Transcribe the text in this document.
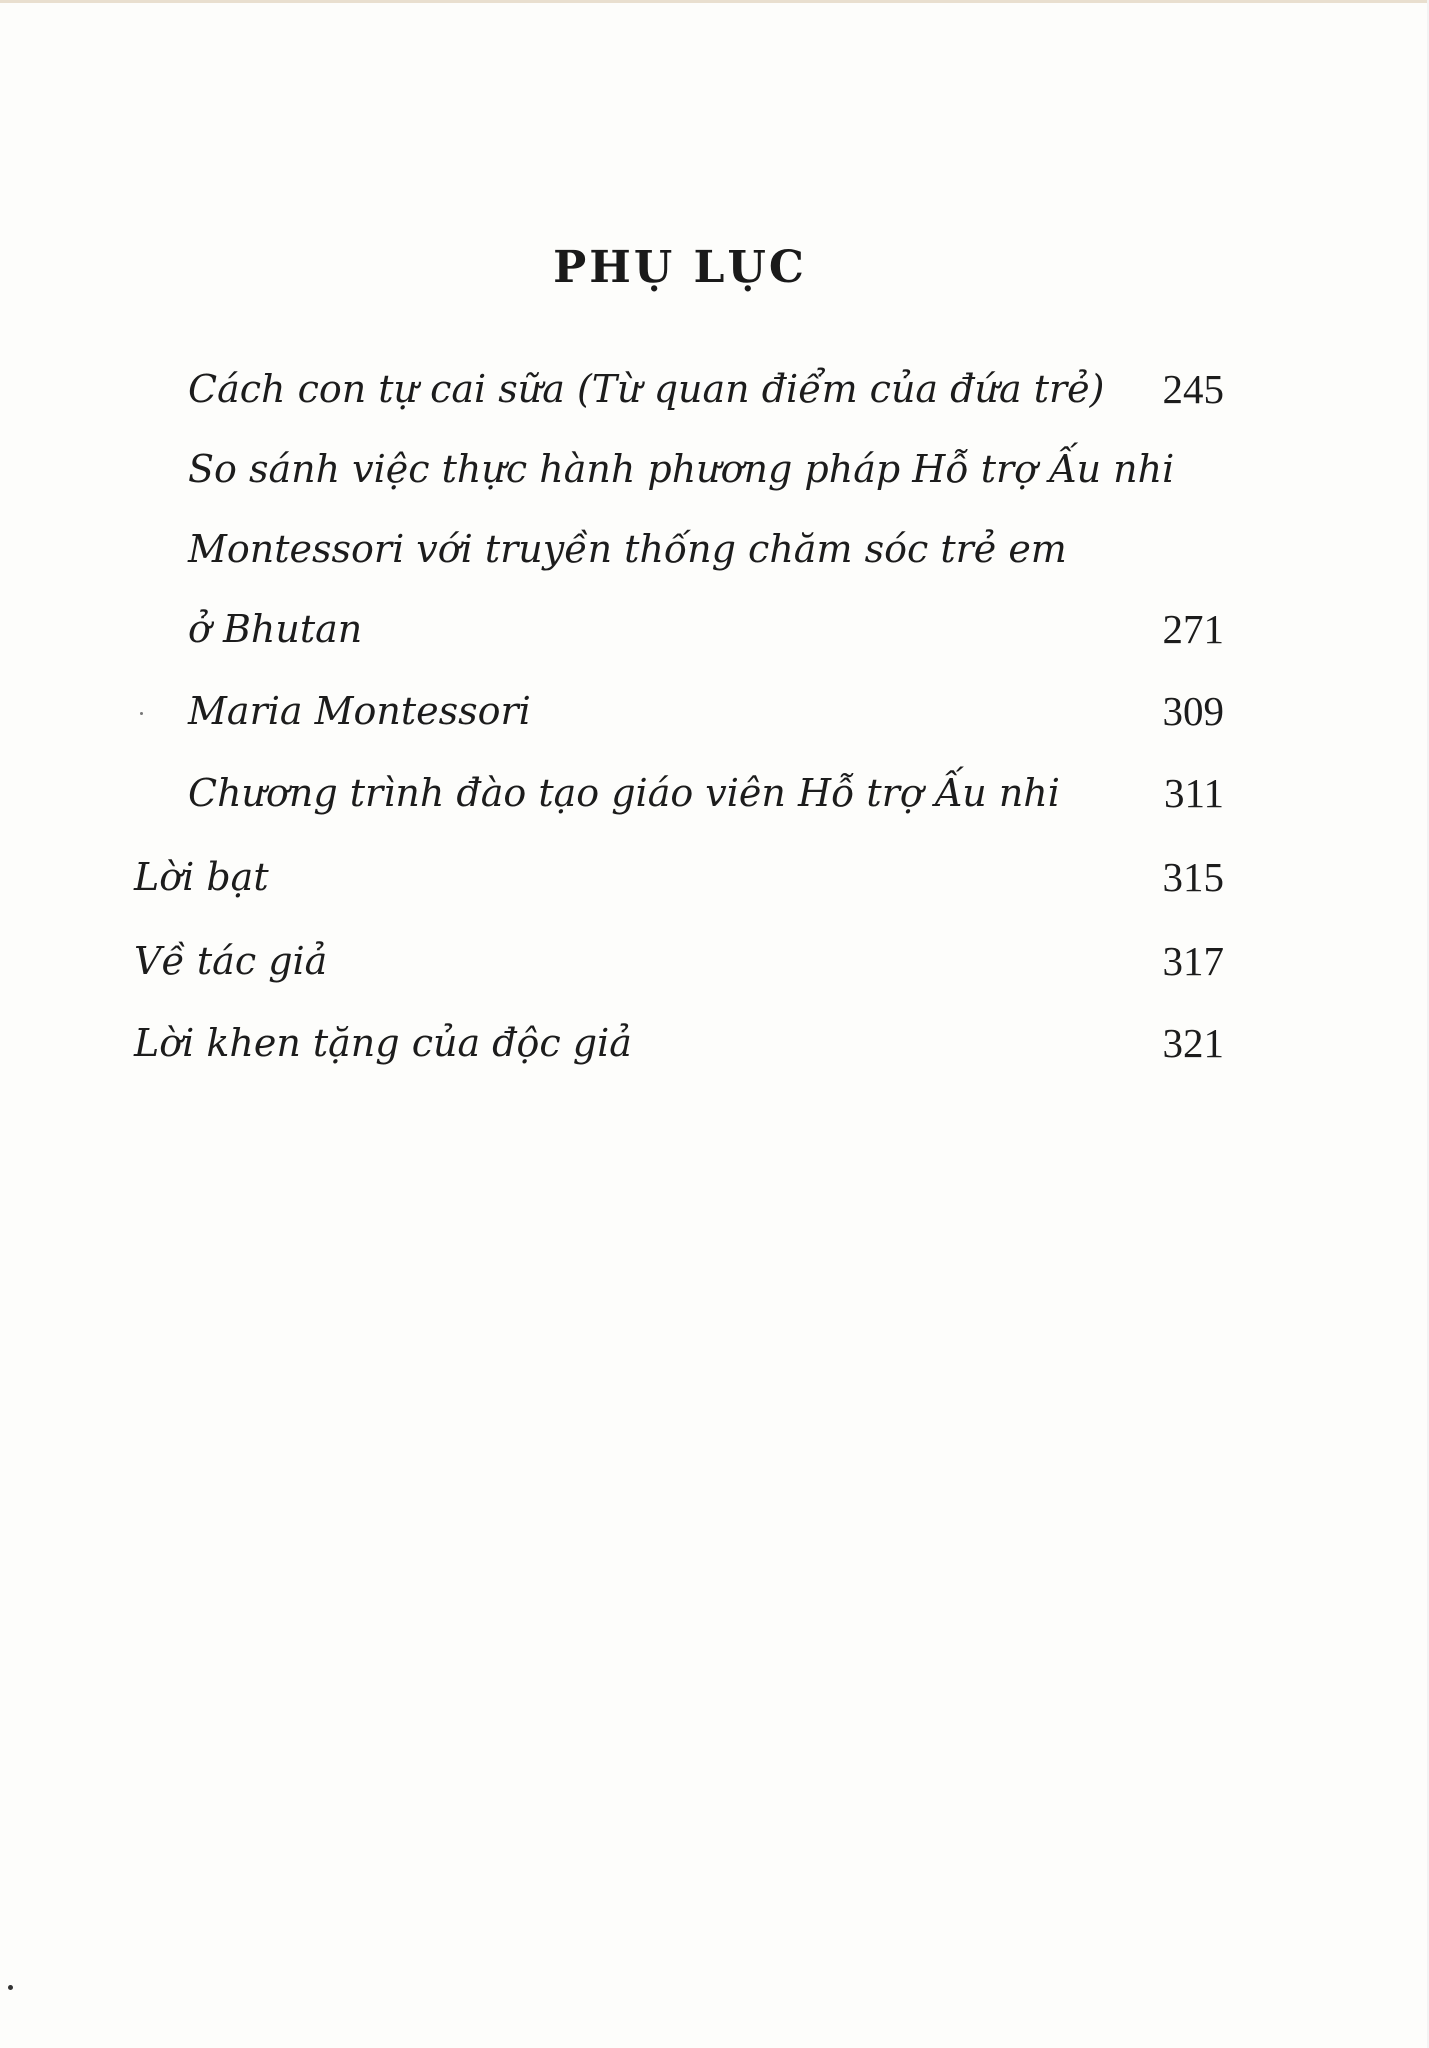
PHỤ LỤC
Cách con tự cai sữa (Từ quan điểm của đứa trẻ) 245
So sánh việc thực hành phương pháp Hỗ trợ Ấu nhi
Montessori với truyền thống chăm sóc trẻ em
ở Bhutan	271
Maria Montessori	309
Chương trình đào tạo giáo viên Hỗ trợ Ấu nhi	311
Lời bạt	315
Về tác giả	317
Lời khen tặng của độc giả	321
